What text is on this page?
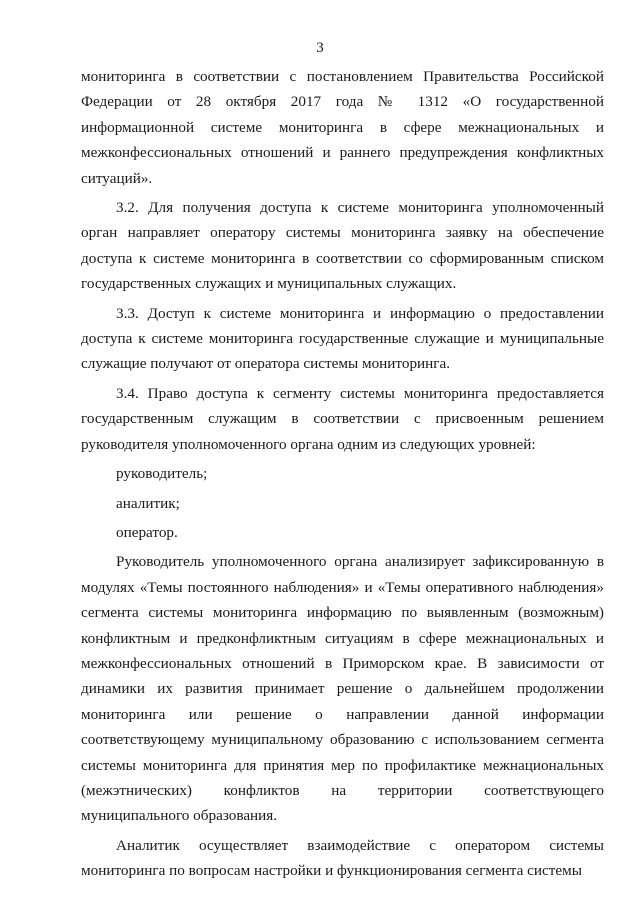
3

мониторинга в соответствии с постановлением Правительства Российской Федерации от 28 октября 2017 года № 1312 «О государственной информационной системе мониторинга в сфере межнациональных и межконфессиональных отношений и раннего предупреждения конфликтных ситуаций».

3.2. Для получения доступа к системе мониторинга уполномоченный орган направляет оператору системы мониторинга заявку на обеспечение доступа к системе мониторинга в соответствии со сформированным списком государственных служащих и муниципальных служащих.

3.3. Доступ к системе мониторинга и информацию о предоставлении доступа к системе мониторинга государственные служащие и муниципальные служащие получают от оператора системы мониторинга.

3.4. Право доступа к сегменту системы мониторинга предоставляется государственным служащим в соответствии с присвоенным решением руководителя уполномоченного органа одним из следующих уровней:

руководитель;

аналитик;

оператор.

Руководитель уполномоченного органа анализирует зафиксированную в модулях «Темы постоянного наблюдения» и «Темы оперативного наблюдения» сегмента системы мониторинга информацию по выявленным (возможным) конфликтным и предконфликтным ситуациям в сфере межнациональных и межконфессиональных отношений в Приморском крае. В зависимости от динамики их развития принимает решение о дальнейшем продолжении мониторинга или решение о направлении данной информации соответствующему муниципальному образованию с использованием сегмента системы мониторинга для принятия мер по профилактике межнациональных (межэтнических) конфликтов на территории соответствующего муниципального образования.

Аналитик осуществляет взаимодействие с оператором системы мониторинга по вопросам настройки и функционирования сегмента системы
